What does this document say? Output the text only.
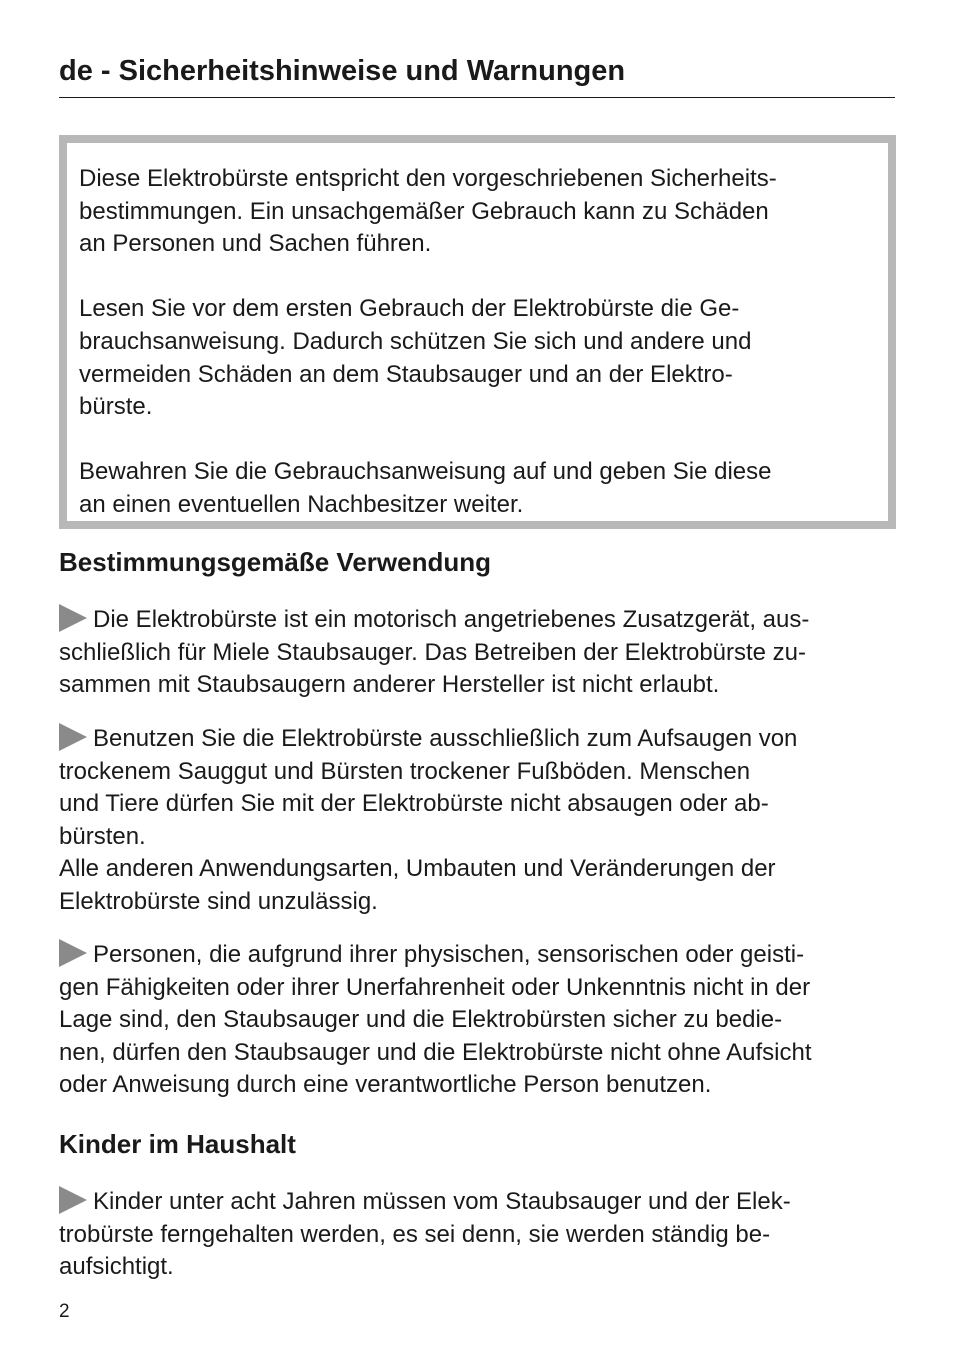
de - Sicherheitshinweise und Warnungen

Diese Elektrobürste entspricht den vorgeschriebenen Sicherheits-
bestimmungen. Ein unsachgemäßer Gebrauch kann zu Schäden
an Personen und Sachen führen.

Lesen Sie vor dem ersten Gebrauch der Elektrobürste die Ge-
brauchsanweisung. Dadurch schützen Sie sich und andere und
vermeiden Schäden an dem Staubsauger und an der Elektro-
bürste.

Bewahren Sie die Gebrauchsanweisung auf und geben Sie diese
an einen eventuellen Nachbesitzer weiter.

Bestimmungsgemäße Verwendung

Die Elektrobürste ist ein motorisch angetriebenes Zusatzgerät, aus-
schließlich für Miele Staubsauger. Das Betreiben der Elektrobürste zu-
sammen mit Staubsaugern anderer Hersteller ist nicht erlaubt.

Benutzen Sie die Elektrobürste ausschließlich zum Aufsaugen von
trockenem Sauggut und Bürsten trockener Fußböden. Menschen
und Tiere dürfen Sie mit der Elektrobürste nicht absaugen oder ab-
bürsten.
Alle anderen Anwendungsarten, Umbauten und Veränderungen der
Elektrobürste sind unzulässig.

Personen, die aufgrund ihrer physischen, sensorischen oder geisti-
gen Fähigkeiten oder ihrer Unerfahrenheit oder Unkenntnis nicht in der
Lage sind, den Staubsauger und die Elektrobürsten sicher zu bedie-
nen, dürfen den Staubsauger und die Elektrobürste nicht ohne Aufsicht
oder Anweisung durch eine verantwortliche Person benutzen.

Kinder im Haushalt

Kinder unter acht Jahren müssen vom Staubsauger und der Elek-
trobürste ferngehalten werden, es sei denn, sie werden ständig be-
aufsichtigt.

2
